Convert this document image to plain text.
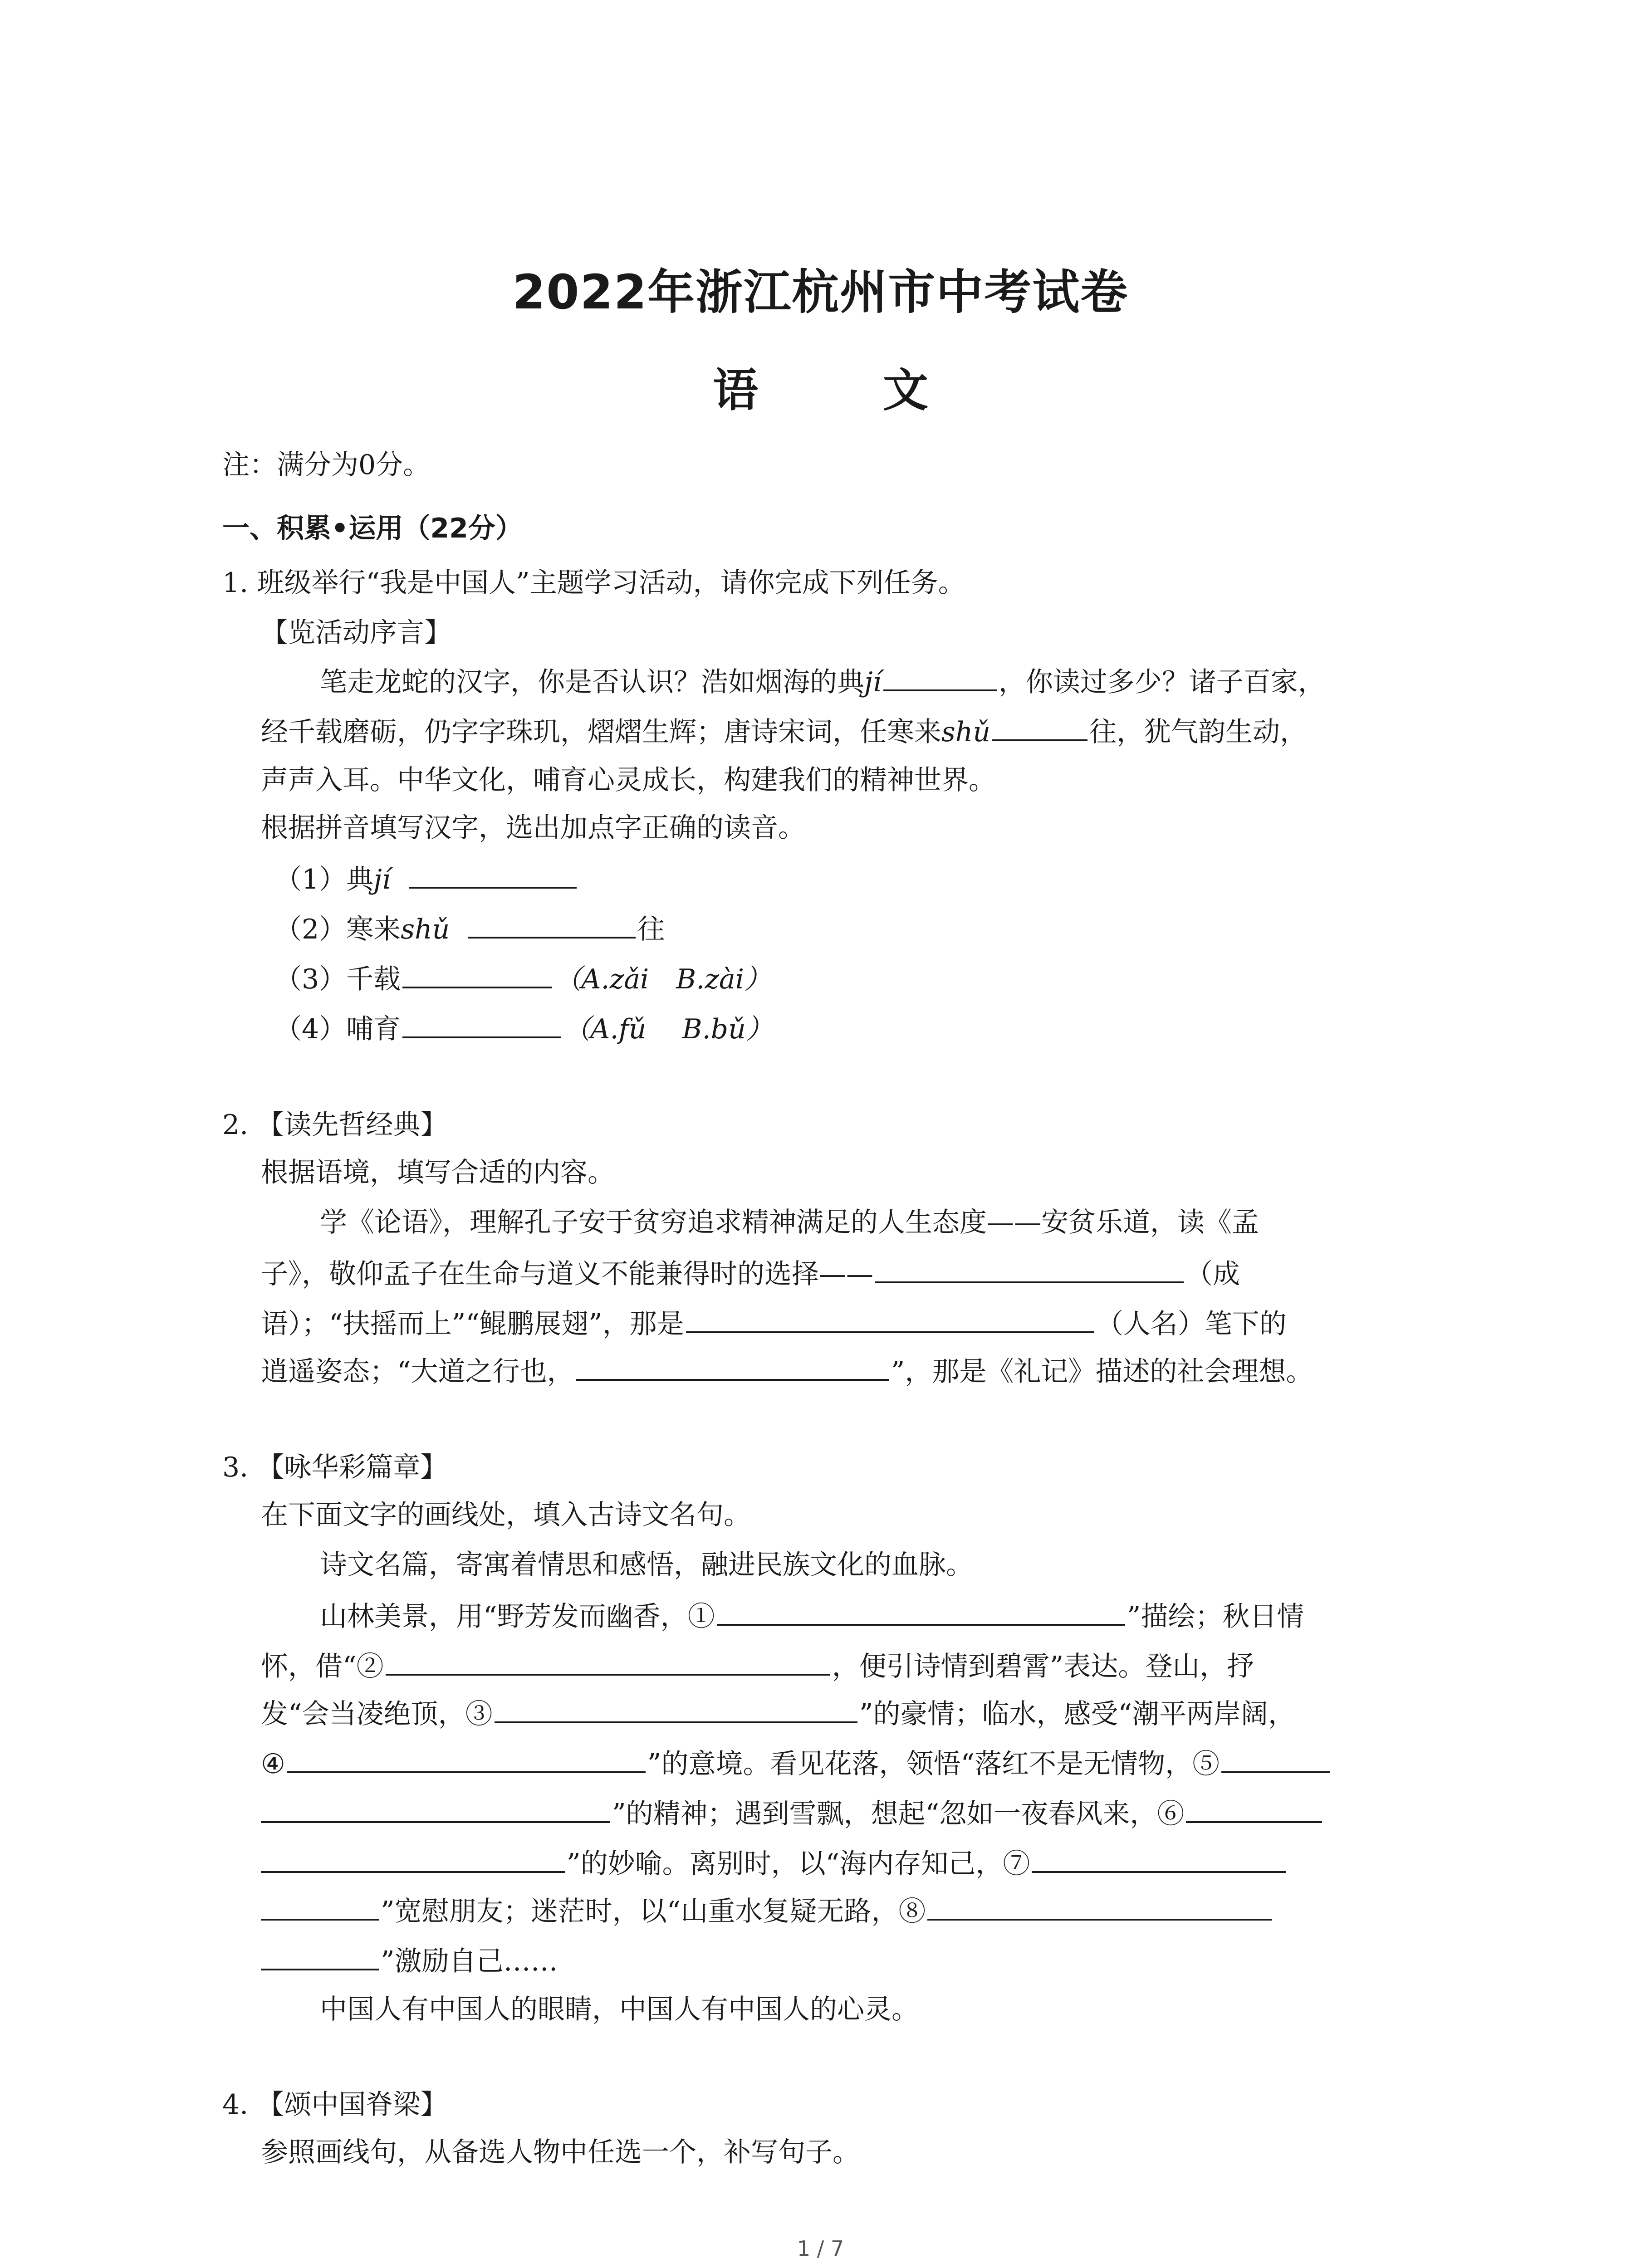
2022年浙江杭州市中考试卷
语 文
注：满分为0分。
一、积累•运用（22分）
1. 班级举行“我是中国人”主题学习活动，请你完成下列任务。
【览活动序言】
笔走龙蛇的汉字，你是否认识？浩如烟海的典jí	，你读过多少？诸子百家，
经千载磨砺，仍字字珠玑，熠熠生辉；唐诗宋词，任寒来shǔ	往，犹气韵生动，
声声入耳。中华文化，哺育心灵成长，构建我们的精神世界。
根据拼音填写汉字，选出加点字正确的读音。
（1）典jí
（2）寒来shǔ	往
（3）千载	（A.zǎi　B.zài）
（4）哺育	（A.fǔ　 B.bǔ）
2. 【读先哲经典】
根据语境，填写合适的内容。
学《论语》，理解孔子安于贫穷追求精神满足的人生态度——安贫乐道，读《孟
子》，敬仰孟子在生命与道义不能兼得时的选择——	（成
语）；“扶摇而上”“鲲鹏展翅”，那是	（人名）笔下的
逍遥姿态；“大道之行也，	”，那是《礼记》描述的社会理想。
3. 【咏华彩篇章】
在下面文字的画线处，填入古诗文名句。
诗文名篇，寄寓着情思和感悟，融进民族文化的血脉。
山林美景，用“野芳发而幽香，①	”描绘；秋日情
怀，借“②	，便引诗情到碧霄”表达。登山，抒
发“会当凌绝顶，③	”的豪情；临水，感受“潮平两岸阔，
④	”的意境。看见花落，领悟“落红不是无情物，⑤
”的精神；遇到雪飘，想起“忽如一夜春风来，⑥
”的妙喻。离别时，以“海内存知己，⑦
”宽慰朋友；迷茫时，以“山重水复疑无路，⑧
”激励自己……
中国人有中国人的眼睛，中国人有中国人的心灵。
4. 【颂中国脊梁】
参照画线句，从备选人物中任选一个，补写句子。
1 / 7
